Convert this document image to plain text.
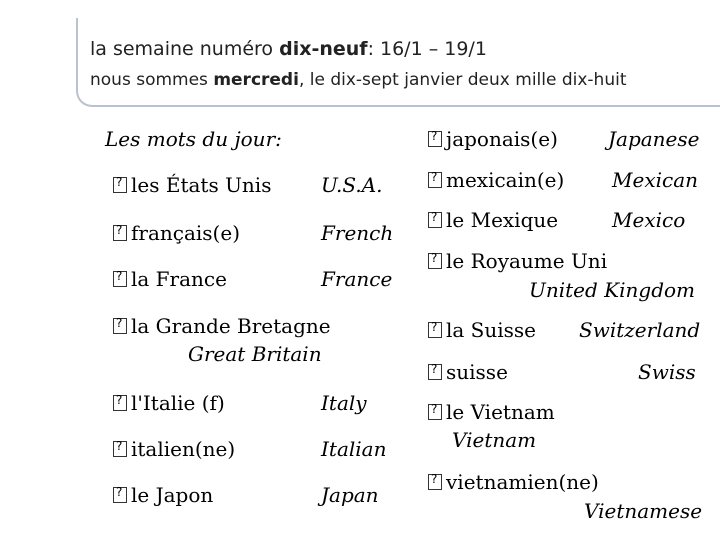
la semaine numéro dix-neuf: 16/1 – 19/1
nous sommes mercredi, le dix-sept janvier deux mille dix-huit
Les mots du jour:
?les États Unis U.S.A.
?français(e)	French
?la France	France
?la Grande Bretagne
Great Britain
?l'Italie (f)	Italy
?italien(ne)	Italian
?le Japon	Japan
?japonais(e)	Japanese
?mexicain(e) Mexican
?le Mexique	Mexico
?le Royaume Uni
United Kingdom
?la Suisse Switzerland
?suisse	Swiss
?le Vietnam
Vietnam
?vietnamien(ne)
Vietnamese
